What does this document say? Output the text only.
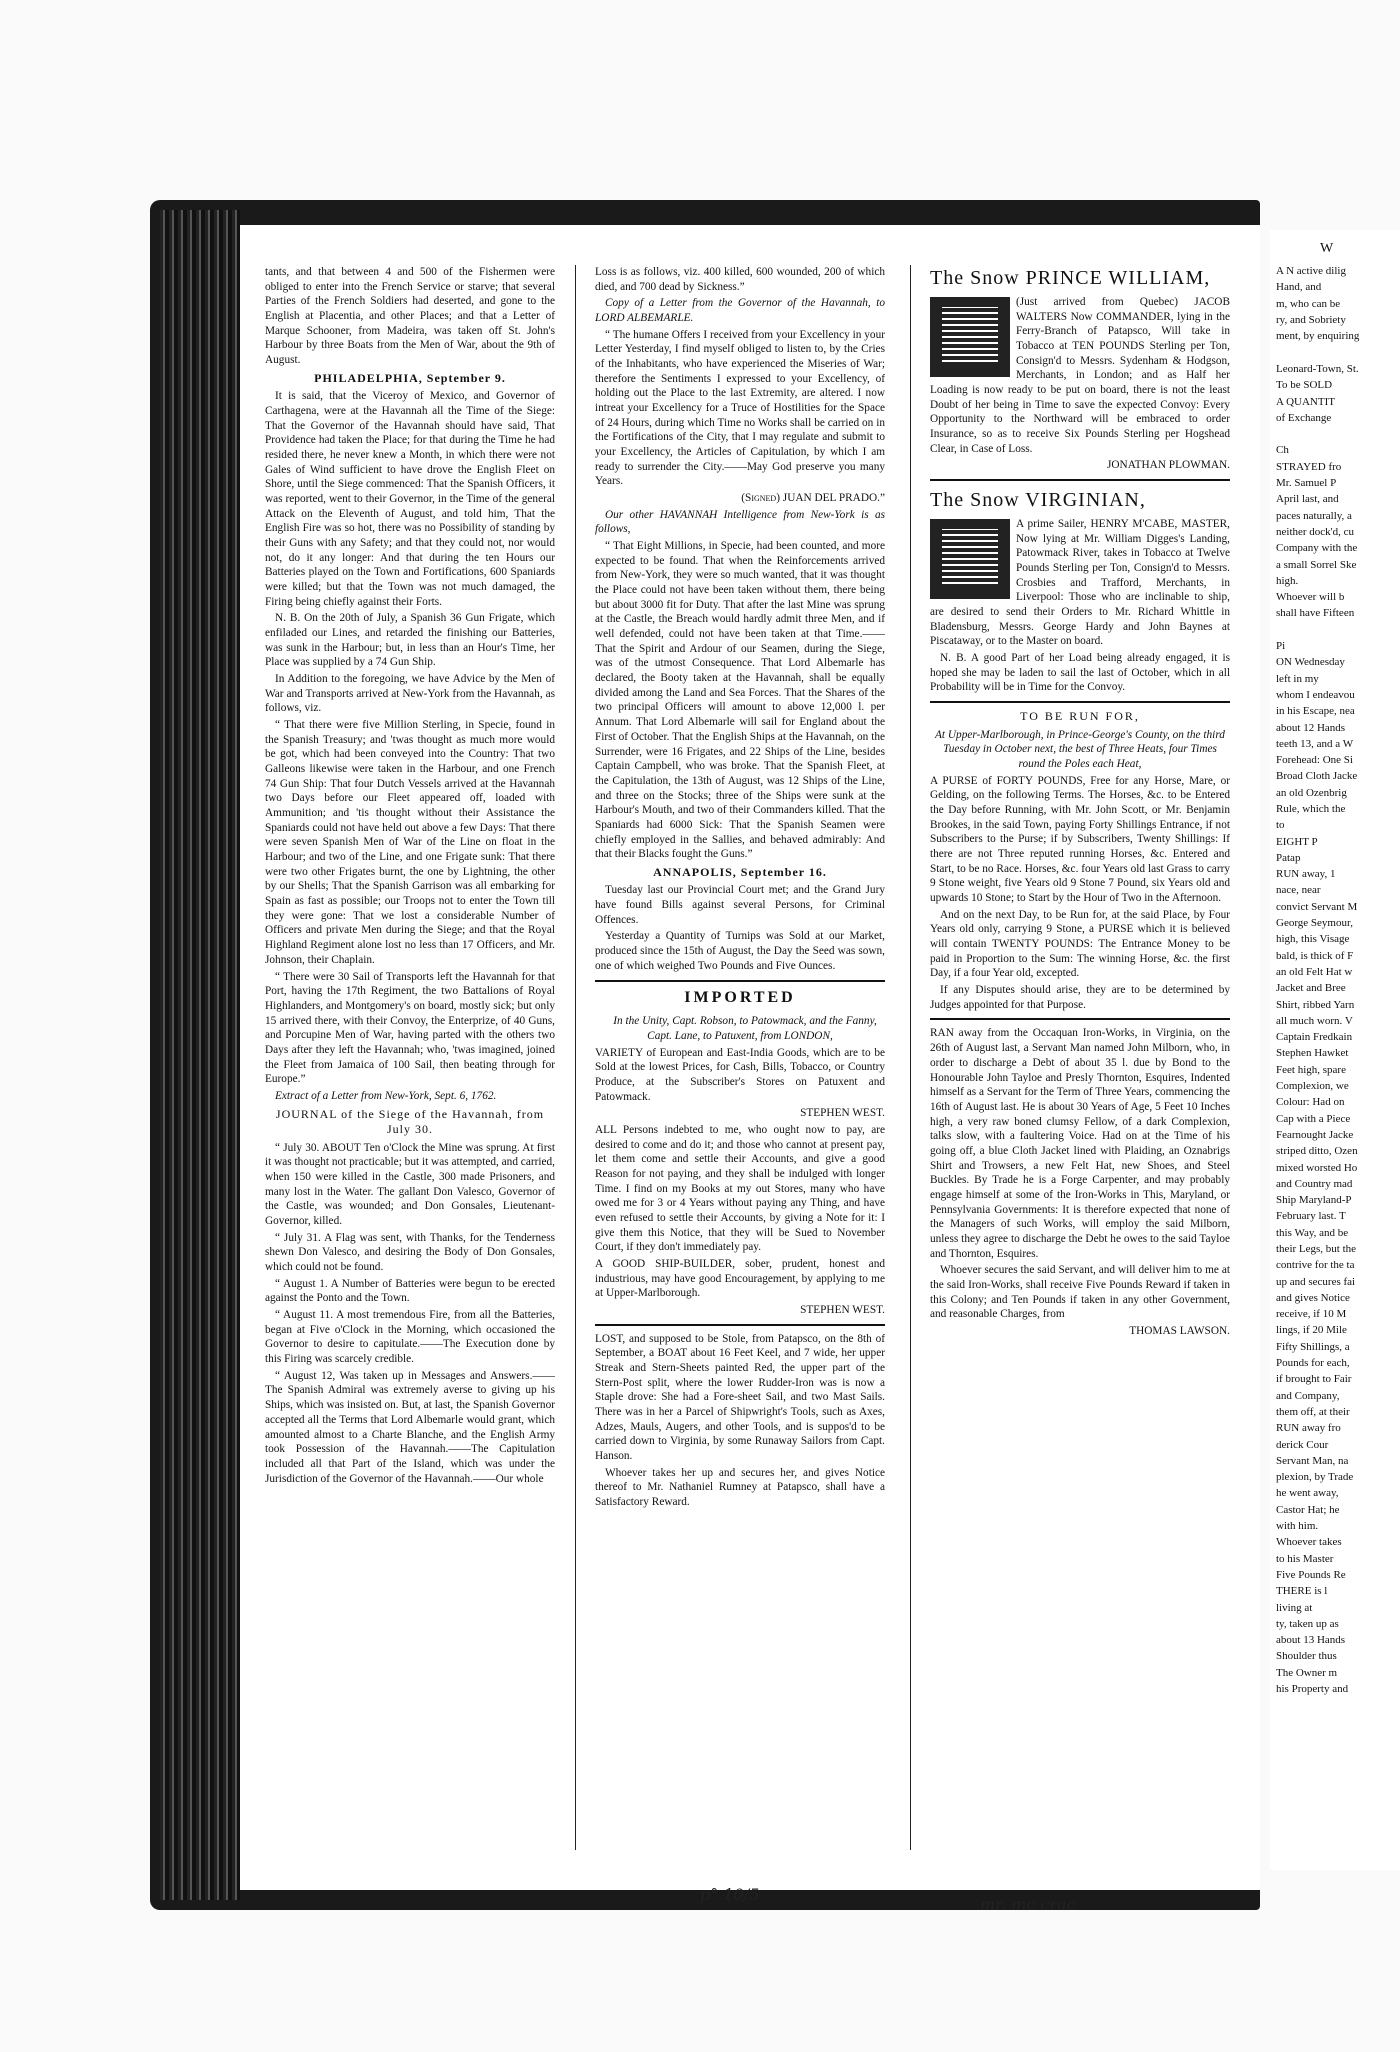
tants, and that between 4 and 500 of the Fishermen were obliged to enter into the French Service or starve; that several Parties of the French Soldiers had deserted, and gone to the English at Placentia, and other Places; and that a Letter of Marque Schooner, from Madeira, was taken off St. John's Harbour by three Boats from the Men of War, about the 9th of August.

PHILADELPHIA, September 9.

It is said, that the Viceroy of Mexico, and Governor of Carthagena, were at the Havannah all the Time of the Siege: That the Governor of the Havannah should have said, That Providence had taken the Place; for that during the Time he had resided there, he never knew a Month, in which there were not Gales of Wind sufficient to have drove the English Fleet on Shore, until the Siege commenced: That the Spanish Officers, it was reported, went to their Governor, in the Time of the general Attack on the Eleventh of August, and told him, That the English Fire was so hot, there was no Possibility of standing by their Guns with any Safety; and that they could not, nor would not, do it any longer: And that during the ten Hours our Batteries played on the Town and Fortifications, 600 Spaniards were killed; but that the Town was not much damaged, the Firing being chiefly against their Forts.

N. B. On the 20th of July, a Spanish 36 Gun Frigate, which enfiladed our Lines, and retarded the finishing our Batteries, was sunk in the Harbour; but, in less than an Hour's Time, her Place was supplied by a 74 Gun Ship.

In Addition to the foregoing, we have Advice by the Men of War and Transports arrived at New-York from the Havannah, as follows, viz.

“ That there were five Million Sterling, in Specie, found in the Spanish Treasury; and 'twas thought as much more would be got, which had been conveyed into the Country: That two Galleons likewise were taken in the Harbour, and one French 74 Gun Ship: That four Dutch Vessels arrived at the Havannah two Days before our Fleet appeared off, loaded with Ammunition; and 'tis thought without their Assistance the Spaniards could not have held out above a few Days: That there were seven Spanish Men of War of the Line on float in the Harbour; and two of the Line, and one Frigate sunk: That there were two other Frigates burnt, the one by Lightning, the other by our Shells; That the Spanish Garrison was all embarking for Spain as fast as possible; our Troops not to enter the Town till they were gone: That we lost a considerable Number of Officers and private Men during the Siege; and that the Royal Highland Regiment alone lost no less than 17 Officers, and Mr. Johnson, their Chaplain.

“ There were 30 Sail of Transports left the Havannah for that Port, having the 17th Regiment, the two Battalions of Royal Highlanders, and Montgomery's on board, mostly sick; but only 15 arrived there, with their Convoy, the Enterprize, of 40 Guns, and Porcupine Men of War, having parted with the others two Days after they left the Havannah; who, 'twas imagined, joined the Fleet from Jamaica of 100 Sail, then beating through for Europe.”

Extract of a Letter from New-York, Sept. 6, 1762.

JOURNAL of the Siege of the Havannah, from July 30.

“ July 30. ABOUT Ten o'Clock the Mine was sprung. At first it was thought not practicable; but it was attempted, and carried, when 150 were killed in the Castle, 300 made Prisoners, and many lost in the Water. The gallant Don Valesco, Governor of the Castle, was wounded; and Don Gonsales, Lieutenant-Governor, killed.

“ July 31. A Flag was sent, with Thanks, for the Tenderness shewn Don Valesco, and desiring the Body of Don Gonsales, which could not be found.

“ August 1. A Number of Batteries were begun to be erected against the Ponto and the Town.

“ August 11. A most tremendous Fire, from all the Batteries, began at Five o'Clock in the Morning, which occasioned the Governor to desire to capitulate.——The Execution done by this Firing was scarcely credible.

“ August 12, Was taken up in Messages and Answers.——The Spanish Admiral was extremely averse to giving up his Ships, which was insisted on. But, at last, the Spanish Governor accepted all the Terms that Lord Albemarle would grant, which amounted almost to a Charte Blanche, and the English Army took Possession of the Havannah.——The Capitulation included all that Part of the Island, which was under the Jurisdiction of the Governor of the Havannah.——Our whole

Loss is as follows, viz. 400 killed, 600 wounded, 200 of which died, and 700 dead by Sickness.”

Copy of a Letter from the Governor of the Havannah, to LORD ALBEMARLE.

“ The humane Offers I received from your Excellency in your Letter Yesterday, I find myself obliged to listen to, by the Cries of the Inhabitants, who have experienced the Miseries of War; therefore the Sentiments I expressed to your Excellency, of holding out the Place to the last Extremity, are altered. I now intreat your Excellency for a Truce of Hostilities for the Space of 24 Hours, during which Time no Works shall be carried on in the Fortifications of the City, that I may regulate and submit to your Excellency, the Articles of Capitulation, by which I am ready to surrender the City.——May God preserve you many Years.

(Signed) JUAN DEL PRADO.”

Our other HAVANNAH Intelligence from New-York is as follows,

“ That Eight Millions, in Specie, had been counted, and more expected to be found. That when the Reinforcements arrived from New-York, they were so much wanted, that it was thought the Place could not have been taken without them, there being but about 3000 fit for Duty. That after the last Mine was sprung at the Castle, the Breach would hardly admit three Men, and if well defended, could not have been taken at that Time.——That the Spirit and Ardour of our Seamen, during the Siege, was of the utmost Consequence. That Lord Albemarle has declared, the Booty taken at the Havannah, shall be equally divided among the Land and Sea Forces. That the Shares of the two principal Officers will amount to above 12,000 l. per Annum. That Lord Albemarle will sail for England about the First of October. That the English Ships at the Havannah, on the Surrender, were 16 Frigates, and 22 Ships of the Line, besides Captain Campbell, who was broke. That the Spanish Fleet, at the Capitulation, the 13th of August, was 12 Ships of the Line, and three on the Stocks; three of the Ships were sunk at the Harbour's Mouth, and two of their Commanders killed. That the Spaniards had 6000 Sick: That the Spanish Seamen were chiefly employed in the Sallies, and behaved admirably: And that their Blacks fought the Guns.”

ANNAPOLIS, September 16.

Tuesday last our Provincial Court met; and the Grand Jury have found Bills against several Persons, for Criminal Offences.

Yesterday a Quantity of Turnips was Sold at our Market, produced since the 15th of August, the Day the Seed was sown, one of which weighed Two Pounds and Five Ounces.

IMPORTED

In the Unity, Capt. Robson, to Patowmack, and the Fanny, Capt. Lane, to Patuxent, from LONDON,

VARIETY of European and East-India Goods, which are to be Sold at the lowest Prices, for Cash, Bills, Tobacco, or Country Produce, at the Subscriber's Stores on Patuxent and Patowmack.

STEPHEN WEST.

ALL Persons indebted to me, who ought now to pay, are desired to come and do it; and those who cannot at present pay, let them come and settle their Accounts, and give a good Reason for not paying, and they shall be indulged with longer Time. I find on my Books at my out Stores, many who have owed me for 3 or 4 Years without paying any Thing, and have even refused to settle their Accounts, by giving a Note for it: I give them this Notice, that they will be Sued to November Court, if they don't immediately pay.

A GOOD SHIP-BUILDER, sober, prudent, honest and industrious, may have good Encouragement, by applying to me at Upper-Marlborough.

STEPHEN WEST.

LOST, and supposed to be Stole, from Patapsco, on the 8th of September, a BOAT about 16 Feet Keel, and 7 wide, her upper Streak and Stern-Sheets painted Red, the upper part of the Stern-Post split, where the lower Rudder-Iron was is now a Staple drove: She had a Fore-sheet Sail, and two Mast Sails. There was in her a Parcel of Shipwright's Tools, such as Axes, Adzes, Mauls, Augers, and other Tools, and is suppos'd to be carried down to Virginia, by some Runaway Sailors from Capt. Hanson.

Whoever takes her up and secures her, and gives Notice thereof to Mr. Nathaniel Rumney at Patapsco, shall have a Satisfactory Reward.

The Snow PRINCE WILLIAM,

(Just arrived from Quebec) JACOB WALTERS Now COMMANDER, lying in the Ferry-Branch of Patapsco, Will take in Tobacco at TEN POUNDS Sterling per Ton, Consign'd to Messrs. Sydenham & Hodgson, Merchants, in London; and as Half her Loading is now ready to be put on board, there is not the least Doubt of her being in Time to save the expected Convoy: Every Opportunity to the Northward will be embraced to order Insurance, so as to receive Six Pounds Sterling per Hogshead Clear, in Case of Loss.

JONATHAN PLOWMAN.

The Snow VIRGINIAN,

A prime Sailer, HENRY M'CABE, MASTER, Now lying at Mr. William Digges's Landing, Patowmack River, takes in Tobacco at Twelve Pounds Sterling per Ton, Consign'd to Messrs. Crosbies and Trafford, Merchants, in Liverpool: Those who are inclinable to ship, are desired to send their Orders to Mr. Richard Whittle in Bladensburg, Messrs. George Hardy and John Baynes at Piscataway, or to the Master on board.

N. B. A good Part of her Load being already engaged, it is hoped she may be laden to sail the last of October, which in all Probability will be in Time for the Convoy.

TO BE RUN FOR,

At Upper-Marlborough, in Prince-George's County, on the third Tuesday in October next, the best of Three Heats, four Times round the Poles each Heat,

A PURSE of FORTY POUNDS, Free for any Horse, Mare, or Gelding, on the following Terms. The Horses, &c. to be Entered the Day before Running, with Mr. John Scott, or Mr. Benjamin Brookes, in the said Town, paying Forty Shillings Entrance, if not Subscribers to the Purse; if by Subscribers, Twenty Shillings: If there are not Three reputed running Horses, &c. Entered and Start, to be no Race. Horses, &c. four Years old last Grass to carry 9 Stone weight, five Years old 9 Stone 7 Pound, six Years old and upwards 10 Stone; to Start by the Hour of Two in the Afternoon.

And on the next Day, to be Run for, at the said Place, by Four Years old only, carrying 9 Stone, a PURSE which it is believed will contain TWENTY POUNDS: The Entrance Money to be paid in Proportion to the Sum: The winning Horse, &c. the first Day, if a four Year old, excepted.

If any Disputes should arise, they are to be determined by Judges appointed for that Purpose.

RAN away from the Occaquan Iron-Works, in Virginia, on the 26th of August last, a Servant Man named John Milborn, who, in order to discharge a Debt of about 35 l. due by Bond to the Honourable John Tayloe and Presly Thornton, Esquires, Indented himself as a Servant for the Term of Three Years, commencing the 16th of August last. He is about 30 Years of Age, 5 Feet 10 Inches high, a very raw boned clumsy Fellow, of a dark Complexion, talks slow, with a faultering Voice. Had on at the Time of his going off, a blue Cloth Jacket lined with Plaiding, an Oznabrigs Shirt and Trowsers, a new Felt Hat, new Shoes, and Steel Buckles. By Trade he is a Forge Carpenter, and may probably engage himself at some of the Iron-Works in This, Maryland, or Pennsylvania Governments: It is therefore expected that none of the Managers of such Works, will employ the said Milborn, unless they agree to discharge the Debt he owes to the said Tayloe and Thornton, Esquires.

Whoever secures the said Servant, and will deliver him to me at the said Iron-Works, shall receive Five Pounds Reward if taken in this Colony; and Ten Pounds if taken in any other Government, and reasonable Charges, from

THOMAS LAWSON.

p° 10/5
mr. mc crac
W

A N active dilig

Hand, and

m, who can be

ry, and Sobriety

ment, by enquiring

Leonard-Town, St.

To be SOLD

A QUANTIT

of Exchange

Ch

STRAYED fro

Mr. Samuel P

April last, and

paces naturally, a

neither dock'd, cu

Company with the

a small Sorrel Ske

high.

Whoever will b

shall have Fifteen

Pi

ON Wednesday

left in my

whom I endeavou

in his Escape, nea

about 12 Hands

teeth 13, and a W

Forehead: One Si

Broad Cloth Jacke

an old Ozenbrig

Rule, which the

to

EIGHT P

Patap

RUN away, 1

nace, near

convict Servant M

George Seymour,

high, this Visage

bald, is thick of F

an old Felt Hat w

Jacket and Bree

Shirt, ribbed Yarn

all much worn. V

Captain Fredkain

Stephen Hawket

Feet high, spare

Complexion, we

Colour: Had on

Cap with a Piece

Fearnought Jacke

striped ditto, Ozen

mixed worsted Ho

and Country mad

Ship Maryland-P

February last. T

this Way, and be

their Legs, but the

contrive for the ta

up and secures fai

and gives Notice

receive, if 10 M

lings, if 20 Mile

Fifty Shillings, a

Pounds for each,

if brought to Fair

and Company,

them off, at their

RUN away fro

derick Cour

Servant Man, na

plexion, by Trade

he went away,

Castor Hat; he

with him.

Whoever takes

to his Master

Five Pounds Re

THERE is l

living at

ty, taken up as

about 13 Hands

Shoulder thus

The Owner m

his Property and
